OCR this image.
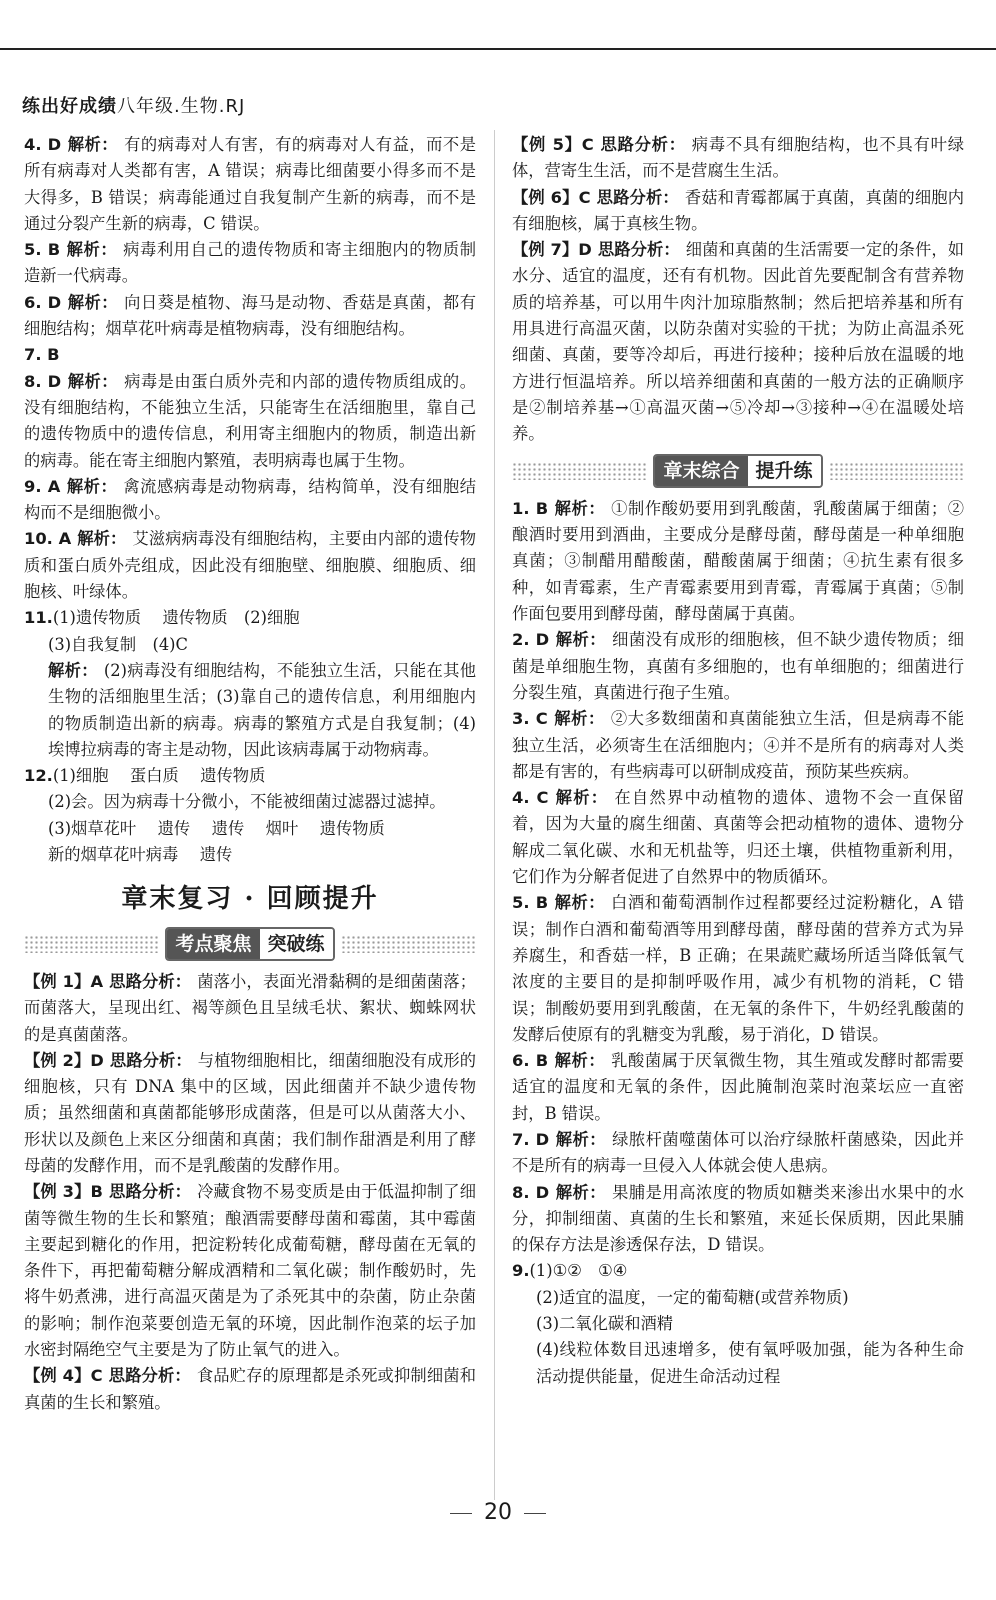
练出好成绩八年级.生物.RJ

4. D 解析： 有的病毒对人有害，有的病毒对人有益，而不是所有病毒对人类都有害，A 错误；病毒比细菌要小得多而不是大得多，B 错误；病毒能通过自我复制产生新的病毒，而不是通过分裂产生新的病毒，C 错误。

5. B 解析： 病毒利用自己的遗传物质和寄主细胞内的物质制造新一代病毒。

6. D 解析： 向日葵是植物、海马是动物、香菇是真菌，都有细胞结构；烟草花叶病毒是植物病毒，没有细胞结构。

7. B

8. D 解析： 病毒是由蛋白质外壳和内部的遗传物质组成的。没有细胞结构，不能独立生活，只能寄生在活细胞里，靠自己的遗传物质中的遗传信息，利用寄主细胞内的物质，制造出新的病毒。能在寄主细胞内繁殖，表明病毒也属于生物。

9. A 解析： 禽流感病毒是动物病毒，结构简单，没有细胞结构而不是细胞微小。

10. A 解析： 艾滋病病毒没有细胞结构，主要由内部的遗传物质和蛋白质外壳组成，因此没有细胞壁、细胞膜、细胞质、细胞核、叶绿体。

11.(1)遗传物质　 遗传物质　(2)细胞

(3)自我复制　(4)C

解析： (2)病毒没有细胞结构，不能独立生活，只能在其他生物的活细胞里生活；(3)靠自己的遗传信息，利用细胞内的物质制造出新的病毒。病毒的繁殖方式是自我复制；(4)埃博拉病毒的寄主是动物，因此该病毒属于动物病毒。

12.(1)细胞　 蛋白质　 遗传物质

(2)会。因为病毒十分微小，不能被细菌过滤器过滤掉。

(3)烟草花叶　 遗传　 遗传　 烟叶　 遗传物质

新的烟草花叶病毒　 遗传

章末复习 · 回顾提升
考点聚焦 突破练

【例 1】A 思路分析： 菌落小，表面光滑黏稠的是细菌菌落；而菌落大，呈现出红、褐等颜色且呈绒毛状、絮状、蜘蛛网状的是真菌菌落。

【例 2】D 思路分析： 与植物细胞相比，细菌细胞没有成形的细胞核，只有 DNA 集中的区域，因此细菌并不缺少遗传物质；虽然细菌和真菌都能够形成菌落，但是可以从菌落大小、形状以及颜色上来区分细菌和真菌；我们制作甜酒是利用了酵母菌的发酵作用，而不是乳酸菌的发酵作用。

【例 3】B 思路分析： 冷藏食物不易变质是由于低温抑制了细菌等微生物的生长和繁殖；酿酒需要酵母菌和霉菌，其中霉菌主要起到糖化的作用，把淀粉转化成葡萄糖，酵母菌在无氧的条件下，再把葡萄糖分解成酒精和二氧化碳；制作酸奶时，先将牛奶煮沸，进行高温灭菌是为了杀死其中的杂菌，防止杂菌的影响；制作泡菜要创造无氧的环境，因此制作泡菜的坛子加水密封隔绝空气主要是为了防止氧气的进入。

【例 4】C 思路分析： 食品贮存的原理都是杀死或抑制细菌和真菌的生长和繁殖。

【例 5】C 思路分析： 病毒不具有细胞结构，也不具有叶绿体，营寄生生活，而不是营腐生生活。

【例 6】C 思路分析： 香菇和青霉都属于真菌，真菌的细胞内有细胞核，属于真核生物。

【例 7】D 思路分析： 细菌和真菌的生活需要一定的条件，如水分、适宜的温度，还有有机物。因此首先要配制含有营养物质的培养基，可以用牛肉汁加琼脂熬制；然后把培养基和所有用具进行高温灭菌，以防杂菌对实验的干扰；为防止高温杀死细菌、真菌，要等冷却后，再进行接种；接种后放在温暖的地方进行恒温培养。所以培养细菌和真菌的一般方法的正确顺序是②制培养基→①高温灭菌→⑤冷却→③接种→④在温暖处培养。

章末综合 提升练

1. B 解析： ①制作酸奶要用到乳酸菌，乳酸菌属于细菌；②酿酒时要用到酒曲，主要成分是酵母菌，酵母菌是一种单细胞真菌；③制醋用醋酸菌，醋酸菌属于细菌；④抗生素有很多种，如青霉素，生产青霉素要用到青霉，青霉属于真菌；⑤制作面包要用到酵母菌，酵母菌属于真菌。

2. D 解析： 细菌没有成形的细胞核，但不缺少遗传物质；细菌是单细胞生物，真菌有多细胞的，也有单细胞的；细菌进行分裂生殖，真菌进行孢子生殖。

3. C 解析： ②大多数细菌和真菌能独立生活，但是病毒不能独立生活，必须寄生在活细胞内；④并不是所有的病毒对人类都是有害的，有些病毒可以研制成疫苗，预防某些疾病。

4. C 解析： 在自然界中动植物的遗体、遗物不会一直保留着，因为大量的腐生细菌、真菌等会把动植物的遗体、遗物分解成二氧化碳、水和无机盐等，归还土壤，供植物重新利用，它们作为分解者促进了自然界中的物质循环。

5. B 解析： 白酒和葡萄酒制作过程都要经过淀粉糖化，A 错误；制作白酒和葡萄酒等用到酵母菌，酵母菌的营养方式为异养腐生，和香菇一样，B 正确；在果蔬贮藏场所适当降低氧气浓度的主要目的是抑制呼吸作用，减少有机物的消耗，C 错误；制酸奶要用到乳酸菌，在无氧的条件下，牛奶经乳酸菌的发酵后使原有的乳糖变为乳酸，易于消化，D 错误。

6. B 解析： 乳酸菌属于厌氧微生物，其生殖或发酵时都需要适宜的温度和无氧的条件，因此腌制泡菜时泡菜坛应一直密封，B 错误。

7. D 解析： 绿脓杆菌噬菌体可以治疗绿脓杆菌感染，因此并不是所有的病毒一旦侵入人体就会使人患病。

8. D 解析： 果脯是用高浓度的物质如糖类来渗出水果中的水分，抑制细菌、真菌的生长和繁殖，来延长保质期，因此果脯的保存方法是渗透保存法，D 错误。

9.(1)①②　①④

(2)适宜的温度，一定的葡萄糖(或营养物质)

(3)二氧化碳和酒精

(4)线粒体数目迅速增多，使有氧呼吸加强，能为各种生命活动提供能量，促进生命活动过程

20
